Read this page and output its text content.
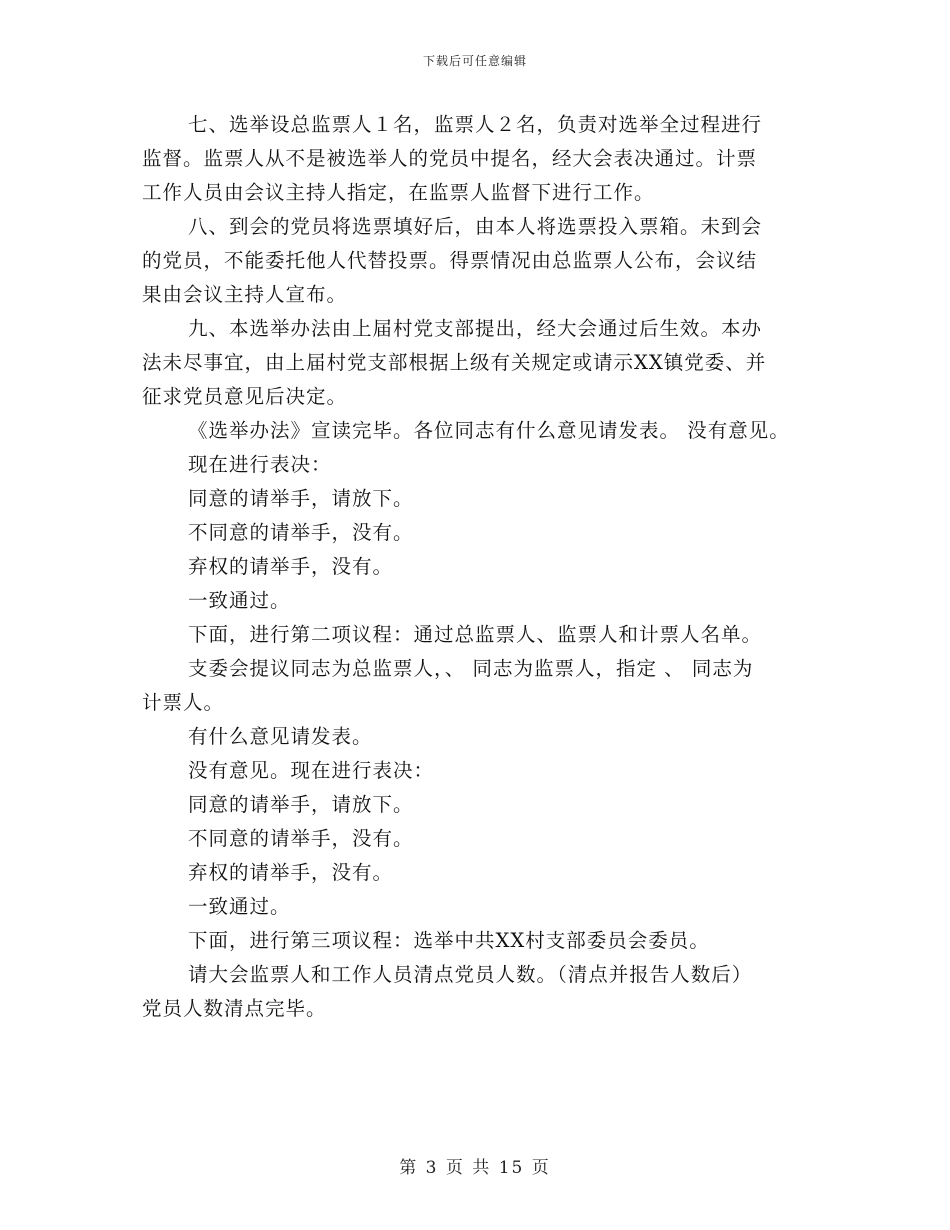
下载后可任意编辑
七、选举设总监票人１名，监票人２名，负责对选举全过程进行
监督。监票人从不是被选举人的党员中提名，经大会表决通过。计票
工作人员由会议主持人指定，在监票人监督下进行工作。
八、到会的党员将选票填好后，由本人将选票投入票箱。未到会
的党员，不能委托他人代替投票。得票情况由总监票人公布，会议结
果由会议主持人宣布。
九、本选举办法由上届村党支部提出，经大会通过后生效。本办
法未尽事宜，由上届村党支部根据上级有关规定或请示XX镇党委、并
征求党员意见后决定。
《选举办法》宣读完毕。各位同志有什么意见请发表。 没有意见。
现在进行表决：
同意的请举手，请放下。
不同意的请举手，没有。
弃权的请举手，没有。
一致通过。
下面，进行第二项议程：通过总监票人、监票人和计票人名单。
支委会提议同志为总监票人，、 同志为监票人，指定 、 同志为
计票人。
有什么意见请发表。
没有意见。现在进行表决：
同意的请举手，请放下。
不同意的请举手，没有。
弃权的请举手，没有。
一致通过。
下面，进行第三项议程：选举中共XX村支部委员会委员。
请大会监票人和工作人员清点党员人数。（清点并报告人数后）
党员人数清点完毕。
第 3 页 共 15 页
